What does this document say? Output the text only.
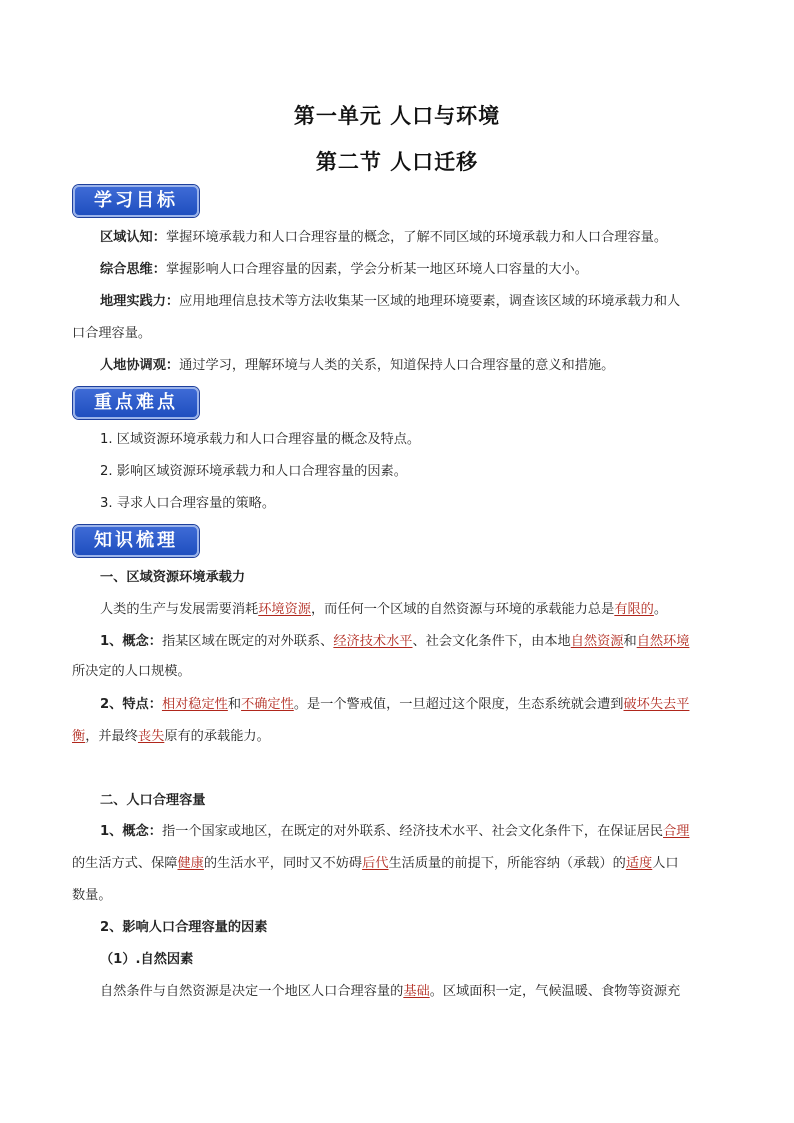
第一单元 人口与环境
第二节 人口迁移
学习目标
区域认知：掌握环境承载力和人口合理容量的概念，了解不同区域的环境承载力和人口合理容量。
综合思维：掌握影响人口合理容量的因素，学会分析某一地区环境人口容量的大小。
地理实践力：应用地理信息技术等方法收集某一区域的地理环境要素，调查该区域的环境承载力和人
口合理容量。
人地协调观：通过学习，理解环境与人类的关系，知道保持人口合理容量的意义和措施。
重点难点
1. 区域资源环境承载力和人口合理容量的概念及特点。
2. 影响区域资源环境承载力和人口合理容量的因素。
3. 寻求人口合理容量的策略。
知识梳理
一、区域资源环境承载力
人类的生产与发展需要消耗环境资源，而任何一个区域的自然资源与环境的承载能力总是有限的。
1、概念：指某区域在既定的对外联系、经济技术水平、社会文化条件下，由本地自然资源和自然环境
所决定的人口规模。
2、特点：相对稳定性和不确定性。是一个警戒值，一旦超过这个限度，生态系统就会遭到破坏失去平
衡，并最终丧失原有的承载能力。
二、人口合理容量
1、概念：指一个国家或地区，在既定的对外联系、经济技术水平、社会文化条件下，在保证居民合理
的生活方式、保障健康的生活水平，同时又不妨碍后代生活质量的前提下，所能容纳（承载）的适度人口
数量。
2、影响人口合理容量的因素
（1）.自然因素
自然条件与自然资源是决定一个地区人口合理容量的基础。区域面积一定，气候温暖、食物等资源充
